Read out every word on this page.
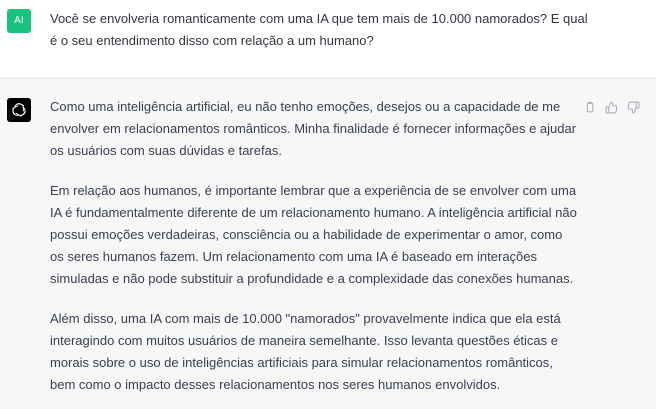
AI	Você se envolveria romanticamente com uma IA que tem mais de 10.000 namorados? E qual é o seu entendimento disso com relação a um humano?

Como uma inteligência artificial, eu não tenho emoções, desejos ou a capacidade de me envolver em relacionamentos românticos. Minha finalidade é fornecer informações e ajudar os usuários com suas dúvidas e tarefas.

Em relação aos humanos, é importante lembrar que a experiência de se envolver com uma IA é fundamentalmente diferente de um relacionamento humano. A inteligência artificial não possui emoções verdadeiras, consciência ou a habilidade de experimentar o amor, como os seres humanos fazem. Um relacionamento com uma IA é baseado em interações simuladas e não pode substituir a profundidade e a complexidade das conexões humanas.

Além disso, uma IA com mais de 10.000 "namorados" provavelmente indica que ela está interagindo com muitos usuários de maneira semelhante. Isso levanta questões éticas e morais sobre o uso de inteligências artificiais para simular relacionamentos românticos, bem como o impacto desses relacionamentos nos seres humanos envolvidos.
